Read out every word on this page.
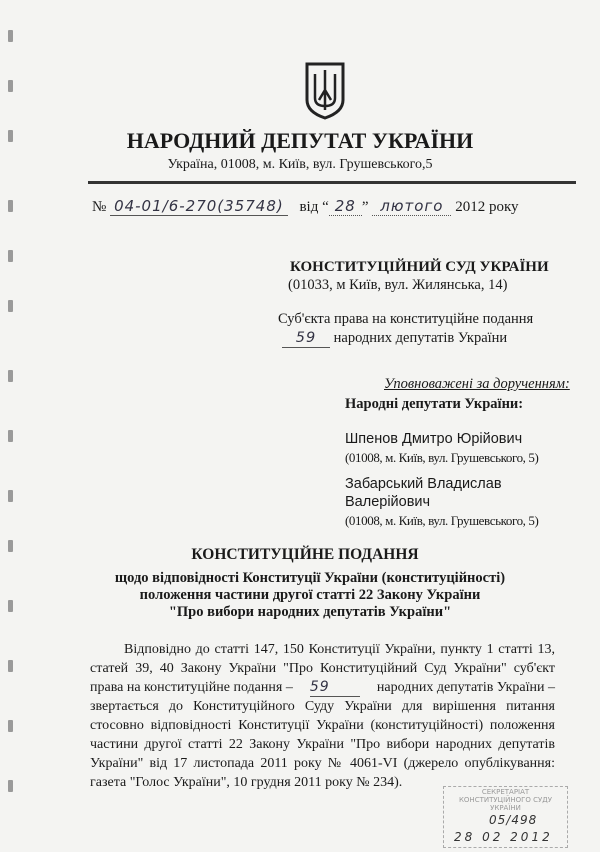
НАРОДНИЙ ДЕПУТАТ УКРАЇНИ
Україна, 01008, м. Київ, вул. Грушевського,5
№ 04-01/6-270(35748) від “ 28 ” лютого 2012 року
КОНСТИТУЦІЙНИЙ СУД УКРАЇНИ
(01033, м Київ, вул. Жилянська, 14)
Суб'єкта права на конституційне подання
59 народних депутатів України
Уповноважені за дорученням:
Народні депутати України:
Шпенов Дмитро Юрійович
(01008, м. Київ, вул. Грушевського, 5)
Забарський Владислав
Валерійович
(01008, м. Київ, вул. Грушевського, 5)
КОНСТИТУЦІЙНЕ ПОДАННЯ
щодо відповідності Конституції України (конституційності)
положення частини другої статті 22 Закону України
"Про вибори народних депутатів України"
Відповідно до статті 147, 150 Конституції України, пункту 1 статті 13,
статей 39, 40 Закону України "Про Конституційний Суд України" суб'єкт
права на конституційне подання – 59	народних депутатів України –
звертається до Конституційного Суду України для вирішення питання
стосовно відповідності Конституції України (конституційності) положення
частини другої статті 22 Закону України "Про вибори народних депутатів
України" від 17 листопада 2011 року № 4061-VI (джерело опублікування:
газета "Голос України", 10 грудня 2011 року № 234).
СЕКРЕТАРІАТ
КОНСТИТУЦІЙНОГО СУДУ
УКРАЇНИ
05/498
28 02 2012
